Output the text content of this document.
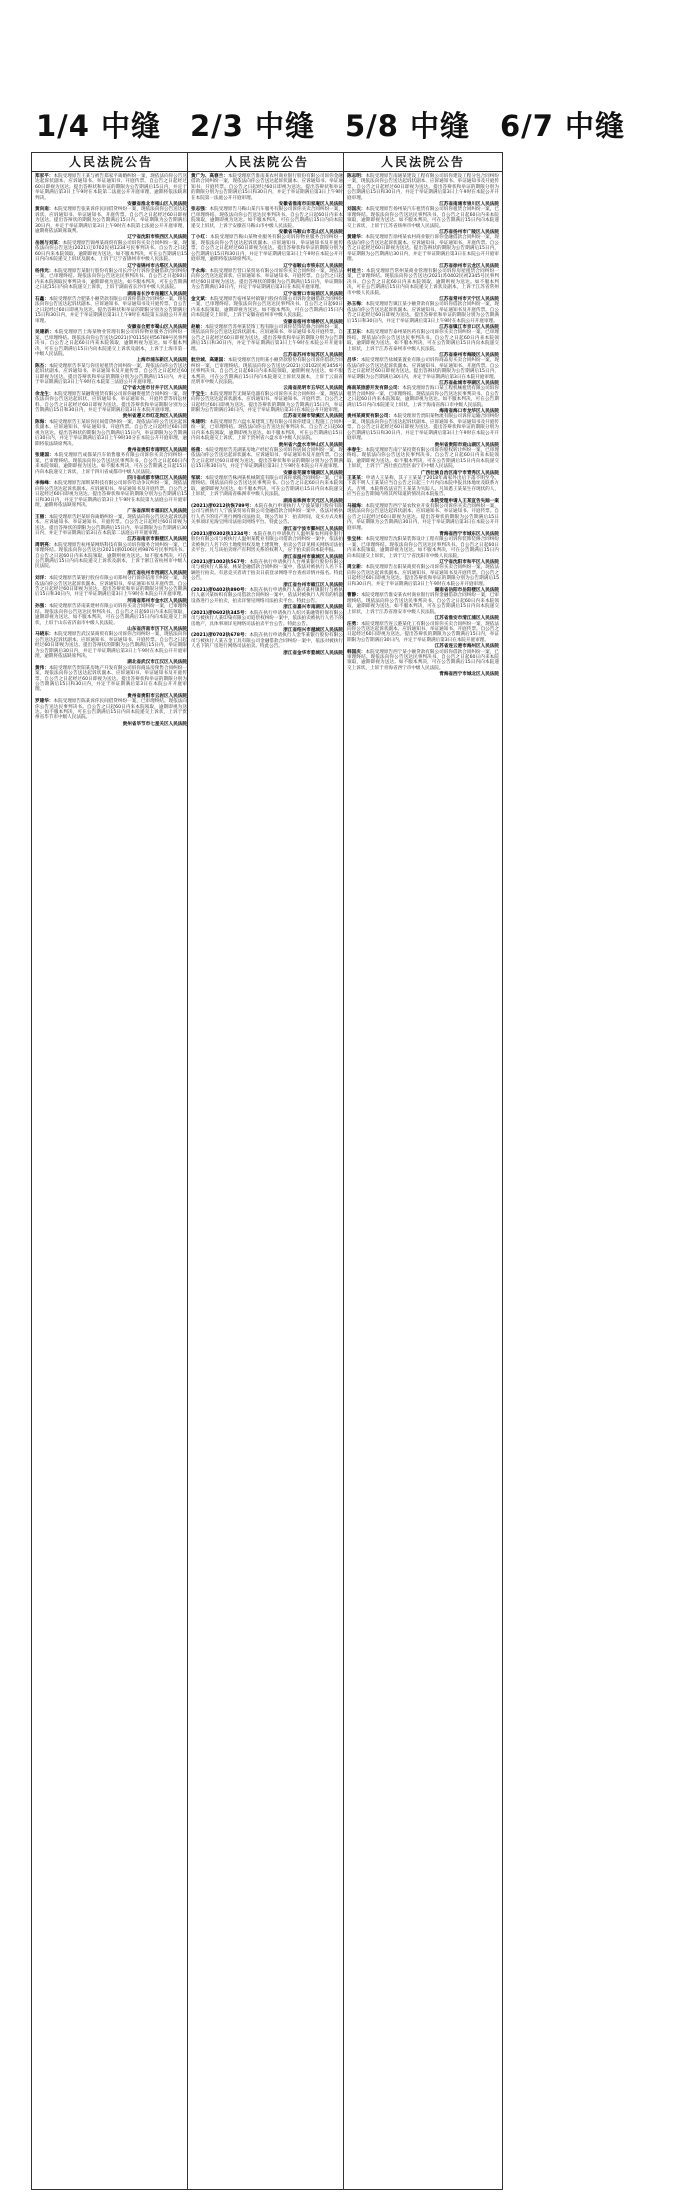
1/4 中缝 2/3 中缝	5/8 中缝	6/7 中缝
人民法院公告

郑家平：本院受理原告王某与被告郑家平离婚纠纷一案，现依法向你公告送达起诉状副本、应诉通知书、举证通知书、开庭传票。自公告之日起经过60日即视为送达。提出答辩状和举证的期限为公告期满后15日内，并定于举证期满后第3日上午9时在本院第二法庭公开开庭审理，逾期将依法缺席判决。

安徽省淮北市相山区人民法院

黄向南：本院受理原告张某诉你民间借贷纠纷一案，现依法向你公告送达起诉状、应诉通知书、举证通知书、开庭传票。自公告之日起经过60日即视为送达。提出答辩状的期限为公告期满后15日内，举证期限为公告期满后30日内，并定于举证期满后第3日上午9时在本院第七法庭公开开庭审理，逾期将依法缺席裁判。

辽宁省沈阳市铁西区人民法院

岳刚与刘某：本院受理原告锦州某商贸有限公司诉你买卖合同纠纷一案，现依法向你公告送达(2021)辽0702民初1234号民事判决书。自公告之日起60日内来本院领取，逾期即视为送达。如不服本判决，可在公告期满后15日内向本院递交上诉状及副本，上诉于辽宁省锦州市中级人民法院。

辽宁省锦州市古塔区人民法院

杨伟光：本院受理原告某银行股份有限公司长沙分行诉你金融借款合同纠纷一案，已审理终结。现依法向你公告送达民事判决书。自公告之日起60日内来本院领取民事判决书，逾期即视为送达。如不服本判决，可在公告期满之日起15日内向本院递交上诉状，上诉于湖南省长沙市中级人民法院。

湖南省长沙市岳麓区人民法院

石鑫：本院受理原告合肥某小额贷款有限公司诉你借款合同纠纷一案，现依法向你公告送达起诉状副本、应诉通知书、举证通知书及开庭传票。自公告之日起经过60日即视为送达。提出答辩状和举证的期限分别为公告期满后15日和30日内，并定于举证期满后第3日上午9时在本院第五法庭公开开庭审理。

安徽省合肥市蜀山区人民法院

吴建新：本院受理原告上海某物业管理有限公司诉你物业服务合同纠纷一案，已审理终结。现依法向你公告送达(2021)沪0115民初56789号民事判决书。自公告之日起60日内来本院领取，逾期则视为送达。如不服本判决，可在公告期满后15日内向本院递交上诉状及副本，上诉于上海市第一中级人民法院。

上海市浦东新区人民法院

陈杰：本院受理原告李某与你房屋租赁合同纠纷一案，现依法向你公告送达起诉状副本、应诉通知书、举证通知书及开庭传票。自公告之日起经过60日即视为送达。提出答辩状和举证的期限分别为公告期满后15日内，并定于举证期满后第3日上午9时在本院第三法庭公开开庭审理。

辽宁省大连市甘井子区人民法院

余龙生：本院受理原告某融资租赁有限公司诉你融资租赁合同纠纷一案，现依法向你公告送达起诉状、应诉通知书、举证通知书、开庭传票等诉讼材料。自公告之日起经过60日即视为送达。提出答辩状和举证期限分别为公告期满后15日和30日内，并定于举证期满后第3日在本院开庭审理。

贵州省遵义市红花岗区人民法院

陈海：本院受理原告王某诉你民间借贷纠纷一案，现依法向你公告送达起诉状副本、应诉通知书、举证通知书、开庭传票。自公告之日起经过60日即视为送达。提出答辩状的期限为公告期满后15日内，举证期限为公告期满后30日内，并定于举证期满后第3日上午9时30分在本院公开开庭审理，逾期将依法缺席判决。

贵州省贵阳市南明区人民法院

张建国：本院受理原告成都某汽车销售服务有限公司诉你买卖合同纠纷一案，已审理终结。现依法向你公告送达民事判决书。自公告之日起60日内来本院领取，逾期即视为送达。如不服本判决，可在公告期满之日起15日内向本院递交上诉状，上诉于四川省成都市中级人民法院。

四川省成都市锦江区人民法院

李海峰：本院受理原告深圳某科技有限公司诉你劳动争议纠纷一案，现依法向你公告送达起诉状副本、应诉通知书、举证通知书及开庭传票。自公告之日起经过60日即视为送达。提出答辩状和举证的期限分别为公告期满后15日和30日内，并定于举证期满后第3日上午9时在本院第九法庭公开开庭审理，逾期将依法缺席判决。

广东省深圳市福田区人民法院

王丽：本院受理原告赵某诉你离婚纠纷一案，现依法向你公告送达起诉状副本、应诉通知书、举证通知书、开庭传票。自公告之日起经过60日即视为送达。提出答辩状的期限为公告期满后15日内，举证期限为公告期满后30日内，并定于举证期满后第3日在本院第二法庭公开开庭审理。

江苏省南京市鼓楼区人民法院

周明亮：本院受理原告杭州某网络科技有限公司诉你服务合同纠纷一案，已审理终结。现依法向你公告送达(2021)浙0106民初9876号民事判决书。自公告之日起60日内来本院领取，逾期则视为送达。如不服本判决，可在公告期满后15日内向本院递交上诉状及副本，上诉于浙江省杭州市中级人民法院。

浙江省杭州市西湖区人民法院

刘洋：本院受理原告某银行股份有限公司郑州分行诉你信用卡纠纷一案，现依法向你公告送达起诉状副本、应诉通知书、举证通知书及开庭传票。自公告之日起经过60日即视为送达。提出答辩状和举证的期限分别为公告期满后15日和30日内，并定于举证期满后第3日上午9时在本院公开开庭审理。

河南省郑州市金水区人民法院

孙强：本院受理原告济南某建材有限公司诉你买卖合同纠纷一案，已审理终结。现依法向你公告送达民事判决书。自公告之日起60日内来本院领取，逾期即视为送达。如不服本判决，可在公告期满后15日内向本院递交上诉状，上诉于山东省济南市中级人民法院。

山东省济南市历下区人民法院

马晓东：本院受理原告武汉某商贸有限公司诉你合同纠纷一案，现依法向你公告送达起诉状副本、应诉通知书、举证通知书、开庭传票。自公告之日起经过60日即视为送达。提出答辩状的期限为公告期满后15日内，举证期限为公告期满后30日内，并定于举证期满后第3日上午9时在本院公开开庭审理，逾期将依法缺席判决。

湖北省武汉市江汉区人民法院

黄伟：本院受理原告贵阳某房地产开发有限公司诉你商品房预售合同纠纷一案，现依法向你公告送达起诉状副本、应诉通知书、举证通知书及开庭传票。自公告之日起经过60日即视为送达。提出答辩状和举证的期限分别为公告期满后15日和30日内，并定于举证期满后第3日在本院公开开庭审理。

贵州省贵阳市云岩区人民法院

罗建华：本院受理原告陈某诉你民间借贷纠纷一案，已审理终结。现依法向你公告送达民事判决书。自公告之日起60日内来本院领取，逾期即视为送达。如不服本判决，可在公告期满后15日内向本院递交上诉状，上诉于贵州省毕节市中级人民法院。

贵州省毕节市七星关区人民法院
人民法院公告

黄广为、高春兰：本院受理原告淮南某农村商业银行股份有限公司诉你金融借款合同纠纷一案，现依法向你公告送达起诉状副本、应诉通知书、举证通知书、开庭传票。自公告之日起经过60日即视为送达。提出答辩状和举证的期限分别为公告期满后15日和30日内，并定于举证期满后第3日上午9时在本院第一法庭公开开庭审理。

安徽省淮南市田家庵区人民法院

张志强：本院受理原告马鞍山某汽车服务有限公司诉你买卖合同纠纷一案，已审理终结。现依法向你公告送达民事判决书。自公告之日起60日内来本院领取，逾期即视为送达。如不服本判决，可在公告期满后15日内向本院递交上诉状，上诉于安徽省马鞍山市中级人民法院。

安徽省马鞍山市花山区人民法院

丁小红：本院受理原告鞍山某物业服务有限公司诉你物业服务合同纠纷一案，现依法向你公告送达起诉状副本、应诉通知书、举证通知书及开庭传票。自公告之日起经过60日即视为送达。提出答辩状和举证的期限分别为公告期满后15日和30日内，并定于举证期满后第3日上午9时在本院公开开庭审理，逾期将依法缺席判决。

辽宁省鞍山市铁东区人民法院

于永海：本院受理原告营口某贸易有限公司诉你买卖合同纠纷一案，现依法向你公告送达起诉状、应诉通知书、举证通知书、开庭传票。自公告之日起经过60日即视为送达。提出答辩状的期限为公告期满后15日内，举证期限为公告期满后30日内，并定于举证期满后第3日在本院开庭审理。

辽宁省营口市站前区人民法院

金文斌：本院受理原告宿州某村镇银行股份有限公司诉你金融借款合同纠纷一案，已审理终结。现依法向你公告送达民事判决书。自公告之日起60日内来本院领取，逾期即视为送达。如不服本判决，可在公告期满后15日内向本院递交上诉状，上诉于安徽省宿州市中级人民法院。

安徽省宿州市埇桥区人民法院

赵敏：本院受理原告苏州某装饰工程有限公司诉你装饰装修合同纠纷一案，现依法向你公告送达起诉状副本、应诉通知书、举证通知书及开庭传票。自公告之日起经过60日即视为送达。提出答辩状和举证的期限分别为公告期满后15日和30日内，并定于举证期满后第3日上午9时在本院公开开庭审理。

江苏省苏州市姑苏区人民法院

航空城、高建国：本院受理原告昆明某小额贷款股份有限公司诉你借款合同纠纷一案，已审理终结。现依法向你公告送达(2021)云0102民初3456号民事判决书。自公告之日起60日内来本院领取，逾期则视为送达。如不服本判决，可在公告期满后15日内向本院递交上诉状及副本，上诉于云南省昆明市中级人民法院。

云南省昆明市五华区人民法院

于宝生：本院受理原告无锡某电器有限公司诉你买卖合同纠纷一案，现依法向你公告送达起诉状副本、应诉通知书、举证通知书、开庭传票。自公告之日起经过60日即视为送达。提出答辩状的期限为公告期满后15日内，举证期限为公告期满后30日内，并定于举证期满后第3日在本院公开开庭审理。

江苏省无锡市梁溪区人民法院

朱建明：本院受理原告六盘水某建筑工程有限公司诉你建设工程施工合同纠纷一案，已审理终结。现依法向你公告送达民事判决书。自公告之日起60日内来本院领取，逾期即视为送达。如不服本判决，可在公告期满后15日内向本院递交上诉状，上诉于贵州省六盘水市中级人民法院。

贵州省六盘水市钟山区人民法院

杨燕：本院受理原告芜湖某房地产经纪有限公司诉你居间合同纠纷一案，现依法向你公告送达起诉状副本、应诉通知书、举证通知书及开庭传票。自公告之日起经过60日即视为送达。提出答辩状和举证的期限分别为公告期满后15日和30日内，并定于举证期满后第3日上午9时在本院公开开庭审理。

安徽省芜湖市镜湖区人民法院

邹斌：本院受理原告株洲某机械制造有限公司诉你承揽合同纠纷一案，已审理终结。现依法向你公告送达民事判决书。自公告之日起60日内来本院领取，逾期即视为送达。如不服本判决，可在公告期满后15日内向本院递交上诉状，上诉于湖南省株洲市中级人民法院。

湖南省株洲市天元区人民法院

(2021)浙0212执恢789号：本院在执行申请执行人宁波某银行股份有限公司与被执行人宁波某贸易有限公司金融借款合同纠纷一案中，依法对被执行人名下的房产进行网络司法拍卖，现公告如下：拍卖时间、竞买方式及相关事项详见淘宝网司法拍卖网络平台。特此公告。

浙江省宁波市鄞州区人民法院

(2021)浙0302执1234号：本院在执行申请执行人温州某农村商业银行股份有限公司与被执行人温州某鞋业有限公司借款合同纠纷一案中，依法拍卖被执行人名下的土地使用权及地上建筑物，拍卖公告详见相关网络司法拍卖平台。凡与该拍卖财产有利害关系的权利人，应于拍卖前向本院申报。

浙江省温州市鹿城区人民法院

(2021)浙1002执567号：本院在执行申请执行人台州某银行股份有限公司与被执行人陈某、林某金融借款合同纠纷一案中，依法对被执行人名下车辆进行拍卖。有意竞买者请于拍卖日前登录网络平台查看详情并报名。特此公告。

浙江省台州市椒江区人民法院

(2021)浙0402执890号：本院在执行申请执行人嘉兴某村镇银行与被执行人嘉兴某纺织有限公司借款合同纠纷一案中，依法对被执行人所有的机器设备进行公开拍卖，拍卖详情见网络司法拍卖平台。特此公告。

浙江省嘉兴市南湖区人民法院

(2021)浙0602执345号：本院在执行申请执行人绍兴某融资担保有限公司与被执行人某印染有限公司追偿权纠纷一案中，依法拍卖被执行人名下的房地产，具体事项详见网络司法拍卖平台公告。特此公告。

浙江省绍兴市越城区人民法院

(2021)浙0702执678号：本院在执行申请执行人金华某银行股份有限公司与被执行人某五金工具有限公司金融借款合同纠纷一案中，依法对被执行人名下的厂房进行网络司法拍卖。特此公告。

浙江省金华市婺城区人民法院
人民法院公告

陈志明：本院受理原告南通某建设工程有限公司诉你建设工程分包合同纠纷一案，现依法向你公告送达起诉状副本、应诉通知书、举证通知书及开庭传票。自公告之日起经过60日即视为送达。提出答辩状和举证的期限分别为公告期满后15日和30日内，并定于举证期满后第3日上午9时在本院公开开庭审理。

江苏省南通市崇川区人民法院

刘国庆：本院受理原告扬州某汽车租赁有限公司诉你租赁合同纠纷一案，已审理终结。现依法向你公告送达民事判决书。自公告之日起60日内来本院领取，逾期即视为送达。如不服本判决，可在公告期满后15日内向本院递交上诉状，上诉于江苏省扬州市中级人民法院。

江苏省扬州市广陵区人民法院

黄建华：本院受理原告徐州某农村商业银行诉你金融借款合同纠纷一案，现依法向你公告送达起诉状副本、应诉通知书、举证通知书、开庭传票。自公告之日起经过60日即视为送达。提出答辩状的期限为公告期满后15日内，举证期限为公告期满后30日内，并定于举证期满后第3日在本院公开开庭审理。

江苏省徐州市云龙区人民法院

村桂兰：本院受理原告常州某商业管理有限公司诉你房屋租赁合同纠纷一案，已审理终结。现依法向你公告送达(2021)苏0402民初2345号民事判决书。自公告之日起60日内来本院领取，逾期则视为送达。如不服本判决，可在公告期满后15日内向本院递交上诉状及副本，上诉于江苏省常州市中级人民法院。

江苏省常州市天宁区人民法院

孙玉梅：本院受理原告镇江某小额贷款有限公司诉你借款合同纠纷一案，现依法向你公告送达起诉状副本、应诉通知书、举证通知书及开庭传票。自公告之日起经过60日即视为送达。提出答辩状和举证的期限分别为公告期满后15日和30日内，并定于举证期满后第3日上午9时在本院公开开庭审理。

江苏省镇江市京口区人民法院

王卫东：本院受理原告泰州某医药有限公司诉你买卖合同纠纷一案，已审理终结。现依法向你公告送达民事判决书。自公告之日起60日内来本院领取，逾期即视为送达。如不服本判决，可在公告期满后15日内向本院递交上诉状，上诉于江苏省泰州市中级人民法院。

江苏省泰州市海陵区人民法院

吕华：本院受理原告盐城某置业有限公司诉你商品房买卖合同纠纷一案，现依法向你公告送达起诉状副本、应诉通知书、举证通知书、开庭传票。自公告之日起经过60日即视为送达。提出答辩状的期限为公告期满后15日内，举证期限为公告期满后30日内，并定于举证期满后第3日在本院开庭审理。

江苏省盐城市亭湖区人民法院

海南某旅游开发有限公司：本院受理原告海口某工程机械租赁有限公司诉你租赁合同纠纷一案，已审理终结。现依法向你公告送达民事判决书。自公告之日起60日内来本院领取，逾期即视为送达。如不服本判决，可在公告期满后15日内向本院递交上诉状，上诉于海南省海口市中级人民法院。

海南省海口市龙华区人民法院

贵州某商贸有限公司：本院受理原告贵阳某物流有限公司诉你运输合同纠纷一案，现依法向你公告送达起诉状副本、应诉通知书、举证通知书及开庭传票。自公告之日起经过60日即视为送达。提出答辩状和举证的期限分别为公告期满后15日和30日内，并定于举证期满后第3日上午9时在本院公开开庭审理。

贵州省贵阳市观山湖区人民法院

李春生：本院受理原告南宁某投资有限公司诉你股权转让纠纷一案，已审理终结。现依法向你公告送达民事判决书。自公告之日起60日内来本院领取，逾期即视为送达。如不服本判决，可在公告期满后15日内向本院递交上诉状，上诉于广西壮族自治区南宁市中级人民法院。

广西壮族自治区南宁市青秀区人民法院

王某某：申请人王某称，其子王某某于2018年离家外出后下落不明至今。下落不明人王某某应当自公告之日起三个月内向本院申报具体地址及联系方式。否则，本院将依法宣告王某某为失踪人。凡知悉王某某生存现状的人，应当在公告期间内将其所知道的情况向本院报告。

本院受理申请人王某宣告失踪一案

马福海：本院受理原告西宁某农牧业开发有限公司诉你买卖合同纠纷一案，现依法向你公告送达起诉状副本、应诉通知书、举证通知书、开庭传票。自公告之日起经过60日即视为送达。提出答辩状的期限为公告期满后15日内，举证期限为公告期满后30日内，并定于举证期满后第3日在本院公开开庭审理。

青海省西宁市城东区人民法院

张宝林：本院受理原告沈阳某装饰设计工程有限公司诉你装饰装修合同纠纷一案，已审理终结。现依法向你公告送达民事判决书。自公告之日起60日内来本院领取，逾期即视为送达。如不服本判决，可在公告期满后15日内向本院递交上诉状，上诉于辽宁省沈阳市中级人民法院。

辽宁省沈阳市和平区人民法院

周立新：本院受理原告岳阳某商贸有限公司诉你买卖合同纠纷一案，现依法向你公告送达起诉状副本、应诉通知书、举证通知书及开庭传票。自公告之日起经过60日即视为送达。提出答辩状和举证的期限分别为公告期满后15日和30日内，并定于举证期满后第3日上午9时在本院公开开庭审理。

湖南省岳阳市岳阳楼区人民法院

曹静：本院受理原告淮安某农村商业银行诉你金融借款合同纠纷一案，已审理终结。现依法向你公告送达民事判决书。自公告之日起60日内来本院领取，逾期即视为送达。如不服本判决，可在公告期满后15日内向本院递交上诉状，上诉于江苏省淮安市中级人民法院。

江苏省淮安市清江浦区人民法院

汪勇：本院受理原告连云港某化工有限公司诉你买卖合同纠纷一案，现依法向你公告送达起诉状副本、应诉通知书、举证通知书、开庭传票。自公告之日起经过60日即视为送达。提出答辩状的期限为公告期满后15日内，举证期限为公告期满后30日内，并定于举证期满后第3日在本院开庭审理。

江苏省连云港市海州区人民法院

韩国庆：本院受理原告西宁某小额贷款有限公司诉你借款合同纠纷一案，已审理终结。现依法向你公告送达民事判决书。自公告之日起60日内来本院领取，逾期即视为送达。如不服本判决，可在公告期满后15日内向本院递交上诉状，上诉于青海省西宁市中级人民法院。

青海省西宁市城北区人民法院
